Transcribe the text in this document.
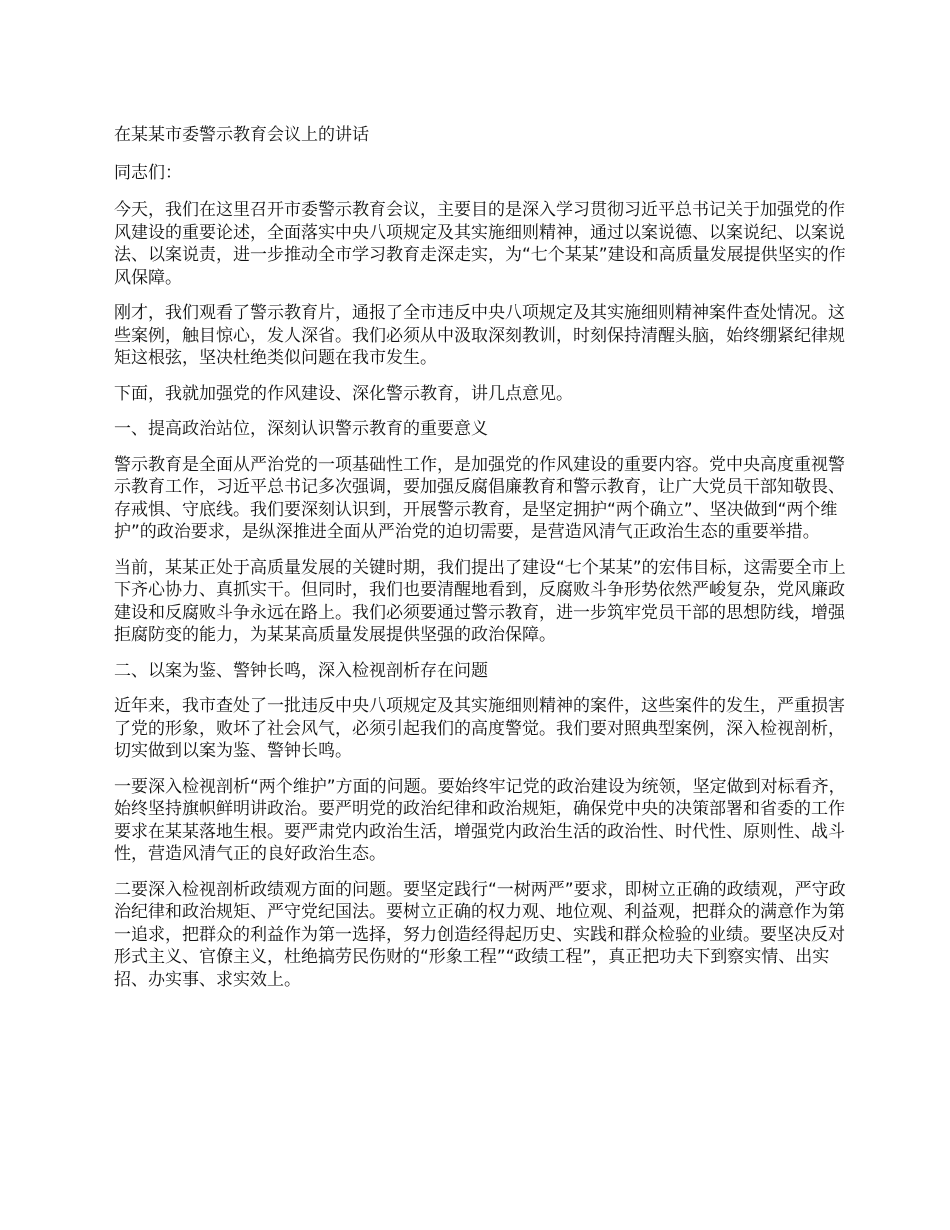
在某某市委警示教育会议上的讲话

同志们：

今天，我们在这里召开市委警示教育会议，主要目的是深入学习贯彻习近平总书记关于加强党的作风建设的重要论述，全面落实中央八项规定及其实施细则精神，通过以案说德、以案说纪、以案说法、以案说责，进一步推动全市学习教育走深走实，为“七个某某”建设和高质量发展提供坚实的作风保障。

刚才，我们观看了警示教育片，通报了全市违反中央八项规定及其实施细则精神案件查处情况。这些案例，触目惊心，发人深省。我们必须从中汲取深刻教训，时刻保持清醒头脑，始终绷紧纪律规矩这根弦，坚决杜绝类似问题在我市发生。

下面，我就加强党的作风建设、深化警示教育，讲几点意见。

一、提高政治站位，深刻认识警示教育的重要意义

警示教育是全面从严治党的一项基础性工作，是加强党的作风建设的重要内容。党中央高度重视警示教育工作，习近平总书记多次强调，要加强反腐倡廉教育和警示教育，让广大党员干部知敬畏、存戒惧、守底线。我们要深刻认识到，开展警示教育，是坚定拥护“两个确立”、坚决做到“两个维护”的政治要求，是纵深推进全面从严治党的迫切需要，是营造风清气正政治生态的重要举措。

当前，某某正处于高质量发展的关键时期，我们提出了建设“七个某某”的宏伟目标，这需要全市上下齐心协力、真抓实干。但同时，我们也要清醒地看到，反腐败斗争形势依然严峻复杂，党风廉政建设和反腐败斗争永远在路上。我们必须要通过警示教育，进一步筑牢党员干部的思想防线，增强拒腐防变的能力，为某某高质量发展提供坚强的政治保障。

二、以案为鉴、警钟长鸣，深入检视剖析存在问题

近年来，我市查处了一批违反中央八项规定及其实施细则精神的案件，这些案件的发生，严重损害了党的形象，败坏了社会风气，必须引起我们的高度警觉。我们要对照典型案例，深入检视剖析，切实做到以案为鉴、警钟长鸣。

一要深入检视剖析“两个维护”方面的问题。要始终牢记党的政治建设为统领，坚定做到对标看齐，始终坚持旗帜鲜明讲政治。要严明党的政治纪律和政治规矩，确保党中央的决策部署和省委的工作要求在某某落地生根。要严肃党内政治生活，增强党内政治生活的政治性、时代性、原则性、战斗性，营造风清气正的良好政治生态。

二要深入检视剖析政绩观方面的问题。要坚定践行“一树两严”要求，即树立正确的政绩观，严守政治纪律和政治规矩、严守党纪国法。要树立正确的权力观、地位观、利益观，把群众的满意作为第一追求，把群众的利益作为第一选择，努力创造经得起历史、实践和群众检验的业绩。要坚决反对形式主义、官僚主义，杜绝搞劳民伤财的“形象工程”“政绩工程”，真正把功夫下到察实情、出实招、办实事、求实效上。
